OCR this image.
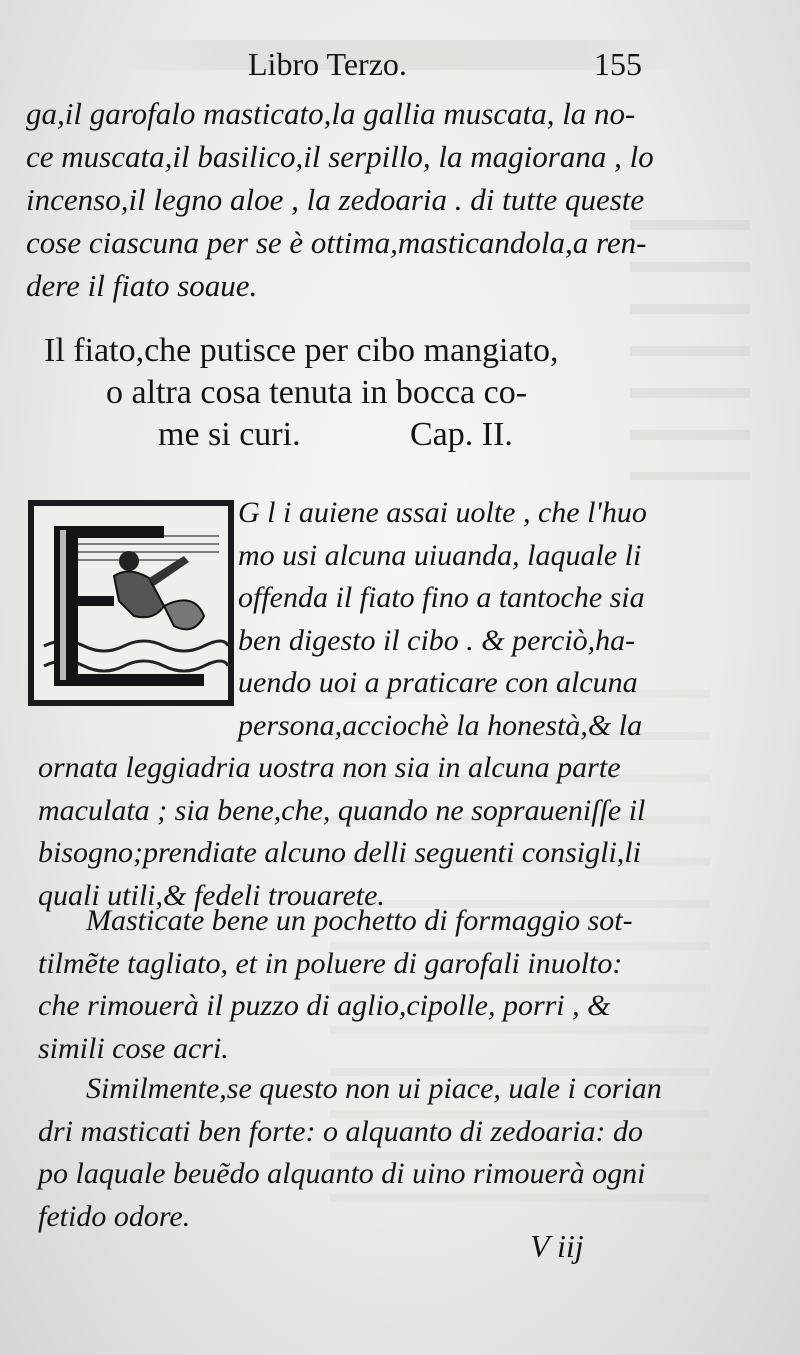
Libro Terzo.	155
ga,il garofalo masticato,la gallia muscata, la no-
ce muscata,il basilico,il serpillo, la magiorana , lo
incenso,il legno aloe , la zedoaria . di tutte queste
cose ciascuna per se è ottima,masticandola,a ren-
dere il fiato soaue.
Il fiato,che putisce per cibo mangiato,
o altra cosa tenuta in bocca co-
me si curi.	Cap. II.
G l i auiene assai uolte , che l'huo
mo usi alcuna uiuanda, laquale li
offenda il fiato fino a tantoche sia
ben digesto il cibo . & perciò,ha-
uendo uoi a praticare con alcuna
persona,acciochè la honestà,& la
ornata leggiadria uostra non sia in alcuna parte
maculata ; sia bene,che, quando ne sopraueniſſe il
bisogno;prendiate alcuno delli seguenti consigli,li
quali utili,& fedeli trouarete.
Masticate bene un pochetto di formaggio sot-
tilmẽte tagliato, et in poluere di garofali inuolto:
che rimouerà il puzzo di aglio,cipolle, porri , &
simili cose acri.
Similmente,se questo non ui piace, uale i corian
dri masticati ben forte: o alquanto di zedoaria: do
po laquale beuẽdo alquanto di uino rimouerà ogni
fetido odore.
V iij
